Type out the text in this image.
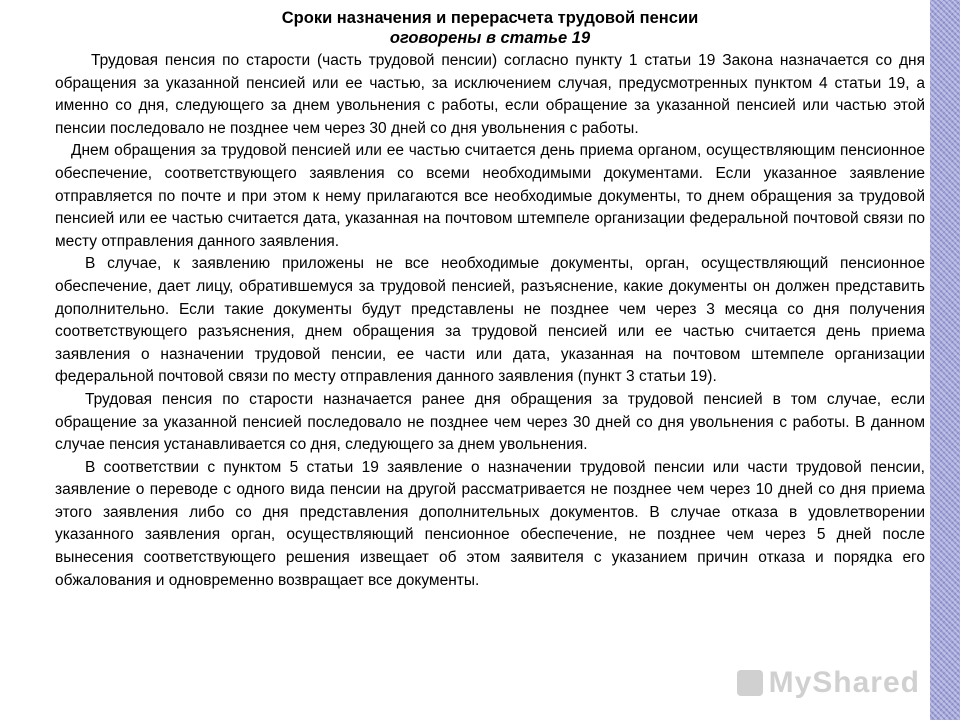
Сроки назначения и перерасчета трудовой пенсии
оговорены в статье 19

Трудовая пенсия по старости (часть трудовой пенсии) согласно пункту 1 статьи 19 Закона назначается со дня обращения за указанной пенсией или ее частью, за исключением случая, предусмотренных пунктом 4 статьи 19, а именно со дня, следующего за днем увольнения с работы, если обращение за указанной пенсией или частью этой пенсии последовало не позднее чем через 30 дней со дня увольнения с работы.

Днем обращения за трудовой пенсией или ее частью считается день приема органом, осуществляющим пенсионное обеспечение, соответствующего заявления со всеми необходимыми документами. Если указанное заявление отправляется по почте и при этом к нему прилагаются все необходимые документы, то днем обращения за трудовой пенсией или ее частью считается дата, указанная на почтовом штемпеле организации федеральной почтовой связи по месту отправления данного заявления.

В случае, к заявлению приложены не все необходимые документы, орган, осуществляющий пенсионное обеспечение, дает лицу, обратившемуся за трудовой пенсией, разъяснение, какие документы он должен представить дополнительно. Если такие документы будут представлены не позднее чем через 3 месяца со дня получения соответствующего разъяснения, днем обращения за трудовой пенсией или ее частью считается день приема заявления о назначении трудовой пенсии, ее части или дата, указанная на почтовом штемпеле организации федеральной почтовой связи по месту отправления данного заявления (пункт 3 статьи 19).

Трудовая пенсия по старости назначается ранее дня обращения за трудовой пенсией в том случае, если обращение за указанной пенсией последовало не позднее чем через 30 дней со дня увольнения с работы. В данном случае пенсия устанавливается со дня, следующего за днем увольнения.

В соответствии с пунктом 5 статьи 19 заявление о назначении трудовой пенсии или части трудовой пенсии, заявление о переводе с одного вида пенсии на другой рассматривается не позднее чем через 10 дней со дня приема этого заявления либо со дня представления дополнительных документов. В случае отказа в удовлетворении указанного заявления орган, осуществляющий пенсионное обеспечение, не позднее чем через 5 дней после вынесения соответствующего решения извещает об этом заявителя с указанием причин отказа и порядка его обжалования и одновременно возвращает все документы.

MyShared
